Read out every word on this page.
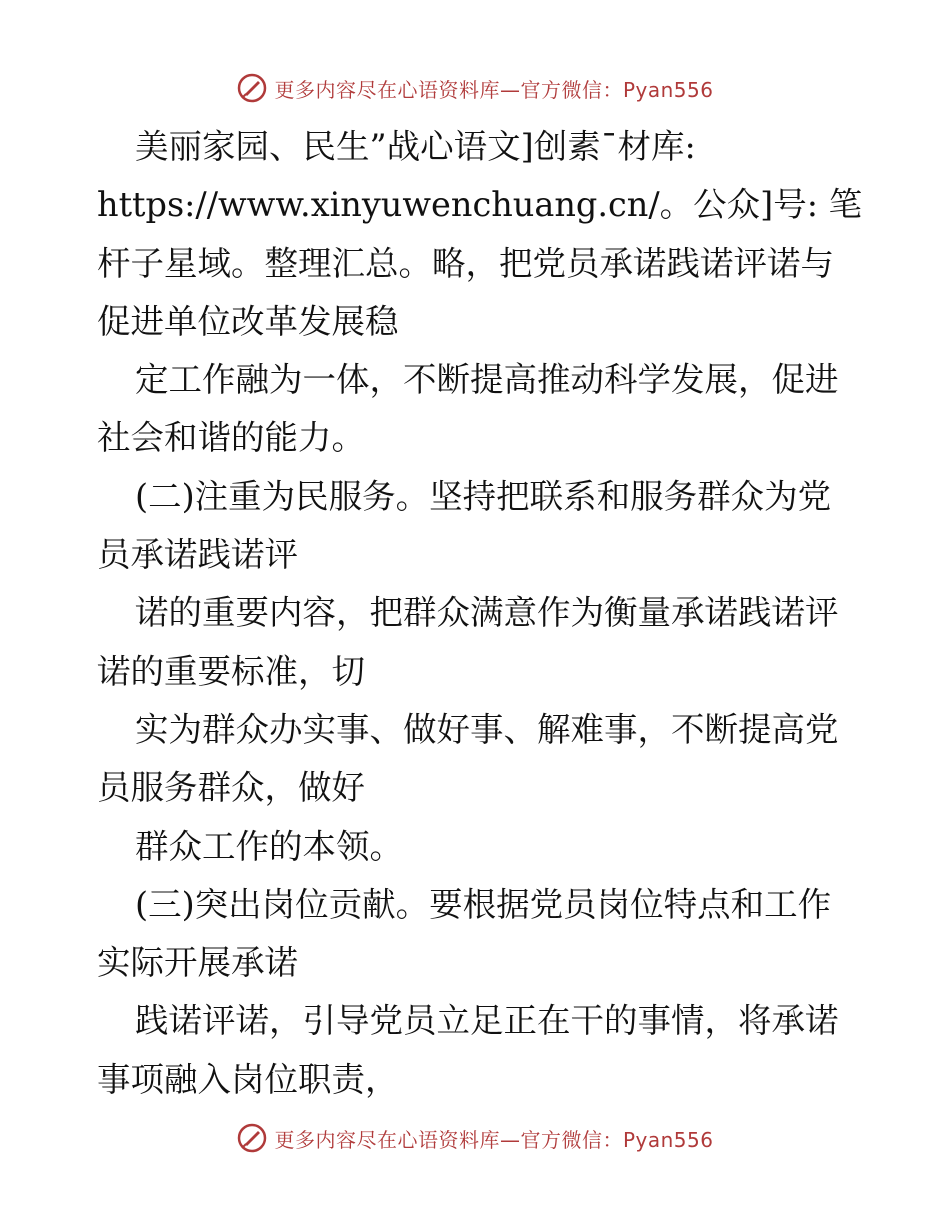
更多内容尽在心语资料库—官方微信：Pyan556
美丽家园、民生”战心语文]创素¯材库:
https://www.xinyuwenchuang.cn/。公众]号: 笔
杆子星域。整理汇总。略，把党员承诺践诺评诺与
促进单位改革发展稳
定工作融为一体，不断提高推动科学发展，促进
社会和谐的能力。
(二)注重为民服务。坚持把联系和服务群众为党
员承诺践诺评
诺的重要内容，把群众满意作为衡量承诺践诺评
诺的重要标准，切
实为群众办实事、做好事、解难事，不断提高党
员服务群众，做好
群众工作的本领。
(三)突出岗位贡献。要根据党员岗位特点和工作
实际开展承诺
践诺评诺，引导党员立足正在干的事情，将承诺
事项融入岗位职责，
更多内容尽在心语资料库—官方微信：Pyan556
